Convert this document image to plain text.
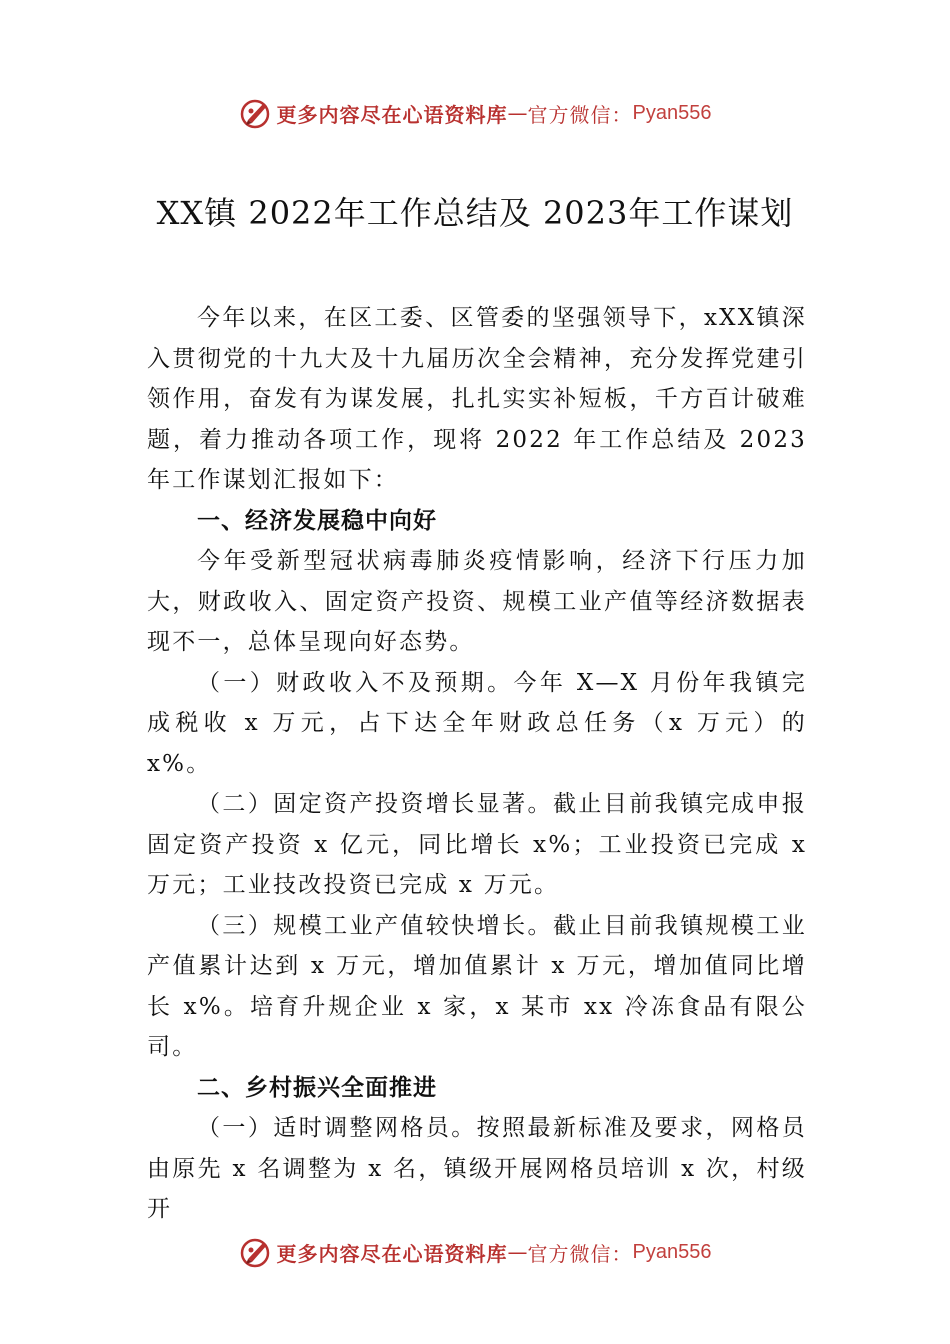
更多内容尽在心语资料库 — 官方微信： Pyan556
XX镇 2022年工作总结及 2023年工作谋划

今年以来，在区工委、区管委的坚强领导下，xXX镇深入贯彻党的十九大及十九届历次全会精神，充分发挥党建引领作用，奋发有为谋发展，扎扎实实补短板，千方百计破难题，着力推动各项工作，现将 2022 年工作总结及 2023 年工作谋划汇报如下：

一、经济发展稳中向好

今年受新型冠状病毒肺炎疫情影响，经济下行压力加大，财政收入、固定资产投资、规模工业产值等经济数据表现不一，总体呈现向好态势。

（一）财政收入不及预期。今年 X—X 月份年我镇完成税收 x 万元，占下达全年财政总任务（x 万元）的 x%。

（二）固定资产投资增长显著。截止目前我镇完成申报固定资产投资 x 亿元，同比增长 x%；工业投资已完成 x 万元；工业技改投资已完成 x 万元。

（三）规模工业产值较快增长。截止目前我镇规模工业产值累计达到 x 万元，增加值累计 x 万元，增加值同比增长 x%。培育升规企业 x 家，x 某市 xx 冷冻食品有限公司。

二、乡村振兴全面推进

（一）适时调整网格员。按照最新标准及要求，网格员由原先 x 名调整为 x 名，镇级开展网格员培训 x 次，村级开

更多内容尽在心语资料库 — 官方微信： Pyan556
